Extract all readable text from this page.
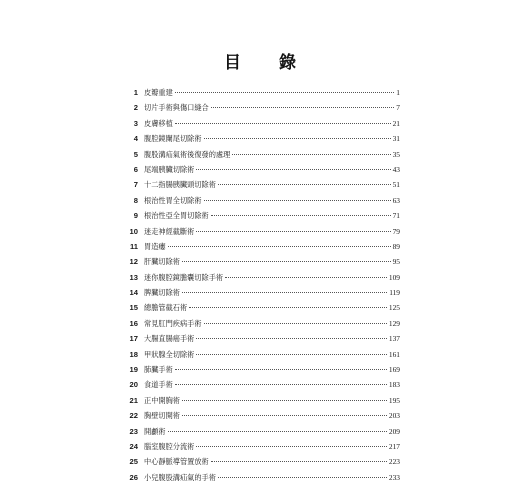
目 錄
1 皮瓣重建	1
2 切片手術與傷口縫合	7
3 皮膚移植	21
4 腹腔鏡闌尾切除術	31
5 腹股溝疝氣術後復發的處理	35
6 尾端胰臟切除術	43
7 十二指腸胰臟頭切除術	51
8 根治性胃全切除術	63
9 根治性亞全胃切除術	71
10 迷走神經截斷術	79
11 胃造瘻	89
12 肝臟切除術	95
13 迷你腹腔鏡膽囊切除手術	109
14 脾臟切除術	119
15 總膽管截石術	125
16 常見肛門疾病手術	129
17 大腸直腸癌手術	137
18 甲狀腺全切除術	161
19 肺臟手術	169
20 食道手術	183
21 正中開胸術	195
22 胸壁切開術	203
23 開顱術	209
24 腦室腹腔分流術	217
25 中心靜脈導管置放術	223
26 小兒腹股溝疝氣的手術	233
